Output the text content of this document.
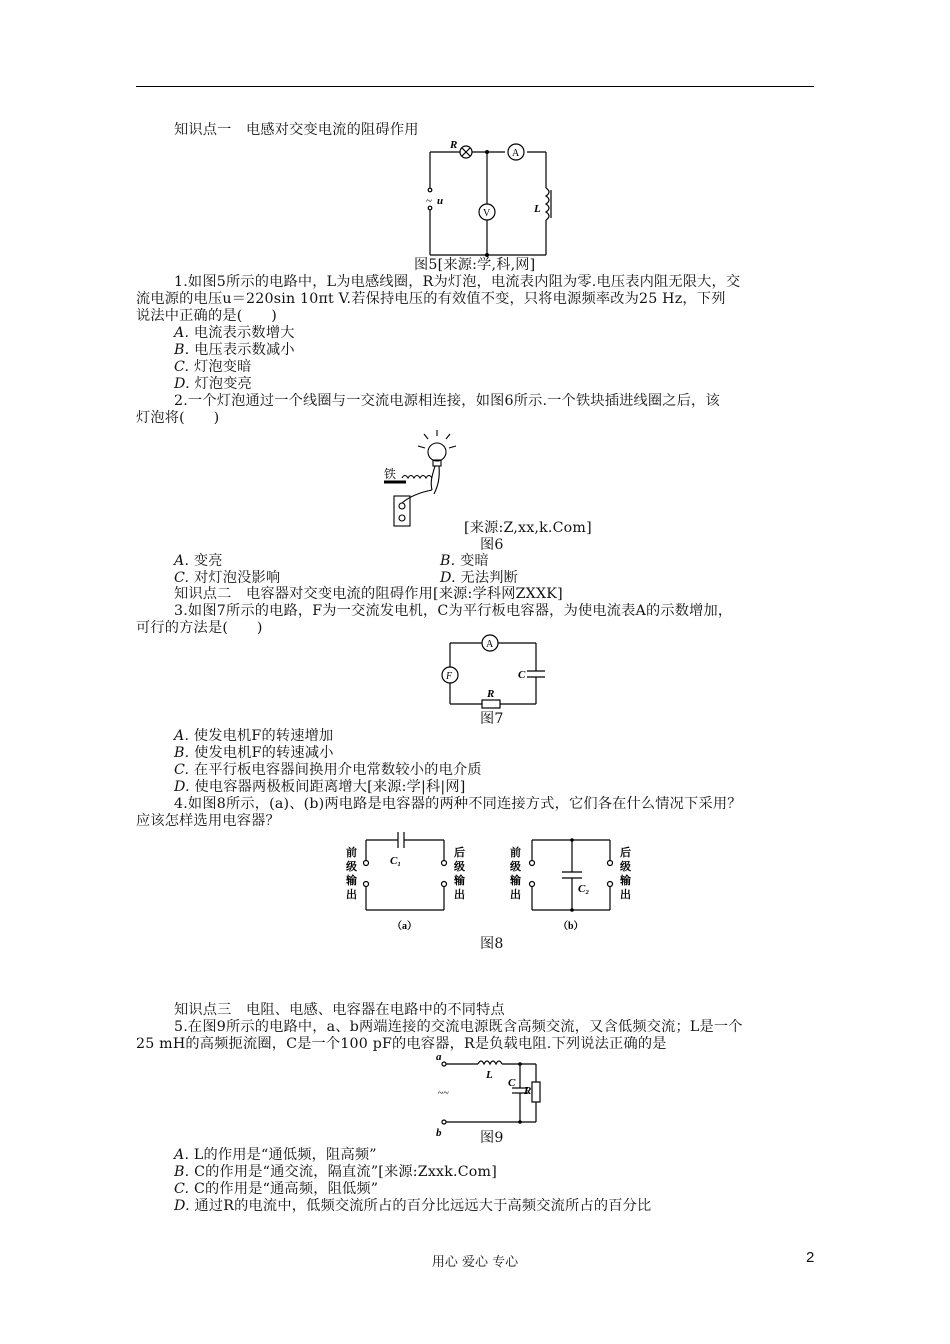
知识点一　电感对交变电流的阻碍作用
R
A
V	L
~ u
图5[来源:学,科,网]
1.如图5所示的电路中，L为电感线圈，R为灯泡，电流表内阻为零.电压表内阻无限大，交
流电源的电压u＝220sin 10πt V.若保持电压的有效值不变，只将电源频率改为25 Hz，下列
说法中正确的是(　　)
A. 电流表示数增大
B. 电压表示数减小
C. 灯泡变暗
D. 灯泡变亮
2.一个灯泡通过一个线圈与一交流电源相连接，如图6所示.一个铁块插进线圈之后，该
灯泡将(　　)
铁
[来源:Z,xx,k.Com]
图6
A. 变亮	B. 变暗
C. 对灯泡没影响	D. 无法判断
知识点二　电容器对交变电流的阻碍作用[来源:学科网ZXXK]
3.如图7所示的电路，F为一交流发电机，C为平行板电容器，为使电流表A的示数增加，
可行的方法是(　　)
A
F	C
R
图7
A. 使发电机F的转速增加
B. 使发电机F的转速减小
C. 在平行板电容器间换用介电常数较小的电介质
D. 使电容器两极板间距离增大[来源:学|科|网]
4.如图8所示，(a)、(b)两电路是电容器的两种不同连接方式，它们各在什么情况下采用？
应该怎样选用电容器？
前级输出
后级输出
C₁
（a）
前级输出
后级输出
C₂
（b）
图8
知识点三　电阻、电感、电容器在电路中的不同特点
5.在图9所示的电路中，a、b两端连接的交流电源既含高频交流，又含低频交流；L是一个
25 mH的高频扼流圈，C是一个100 pF的电容器，R是负载电阻.下列说法正确的是
a
b
~~
L
C
R
图9
A. L的作用是“通低频，阻高频”
B. C的作用是“通交流，隔直流”[来源:Zxxk.Com]
C. C的作用是“通高频，阻低频”
D. 通过R的电流中，低频交流所占的百分比远远大于高频交流所占的百分比
用心 爱心 专心	2
